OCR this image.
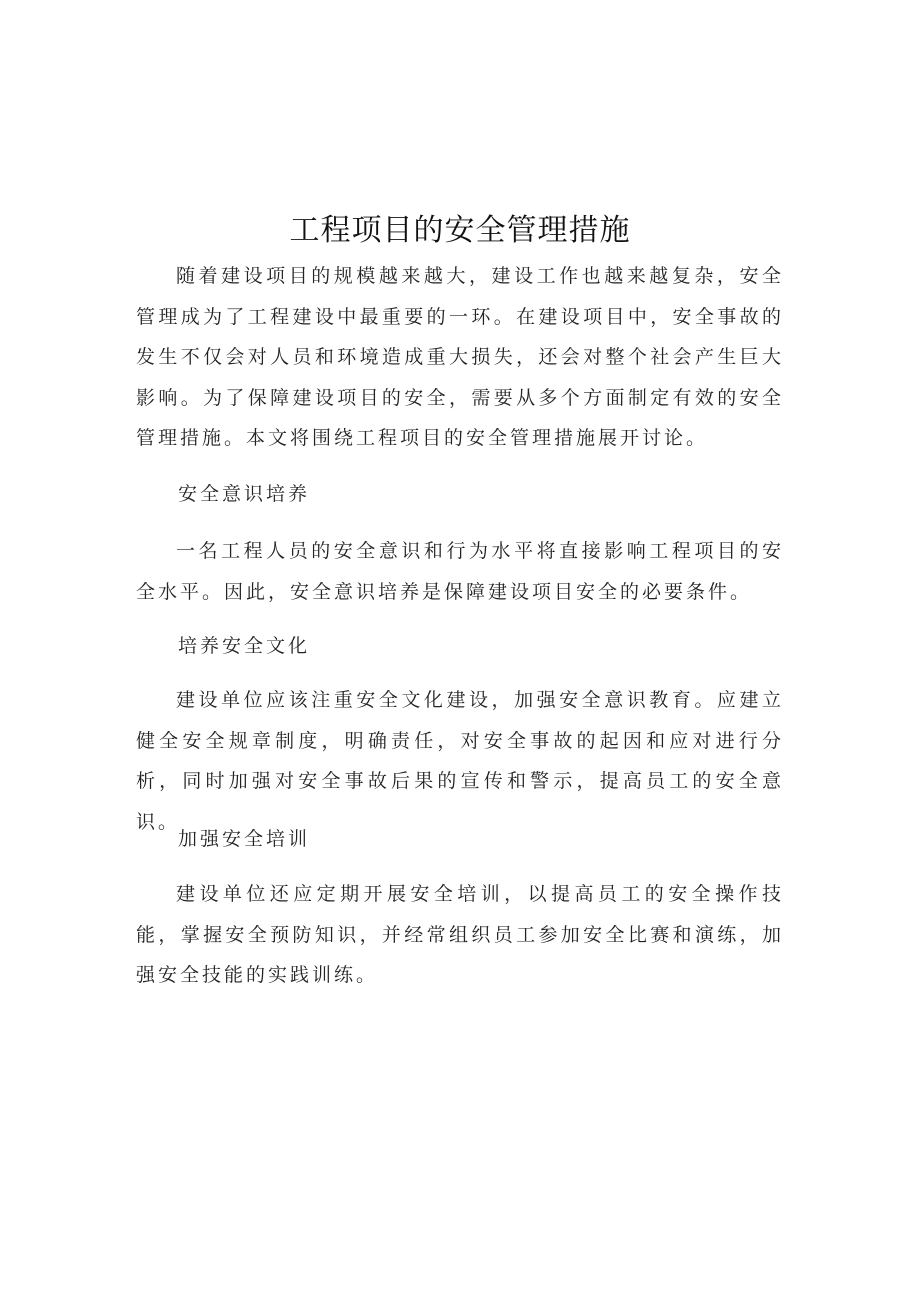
工程项目的安全管理措施

随着建设项目的规模越来越大，建设工作也越来越复杂，安全管理成为了工程建设中最重要的一环。在建设项目中，安全事故的发生不仅会对人员和环境造成重大损失，还会对整个社会产生巨大影响。为了保障建设项目的安全，需要从多个方面制定有效的安全管理措施。本文将围绕工程项目的安全管理措施展开讨论。

安全意识培养

一名工程人员的安全意识和行为水平将直接影响工程项目的安全水平。因此，安全意识培养是保障建设项目安全的必要条件。

培养安全文化

建设单位应该注重安全文化建设，加强安全意识教育。应建立健全安全规章制度，明确责任，对安全事故的起因和应对进行分析，同时加强对安全事故后果的宣传和警示，提高员工的安全意识。

加强安全培训

建设单位还应定期开展安全培训，以提高员工的安全操作技能，掌握安全预防知识，并经常组织员工参加安全比赛和演练，加强安全技能的实践训练。
